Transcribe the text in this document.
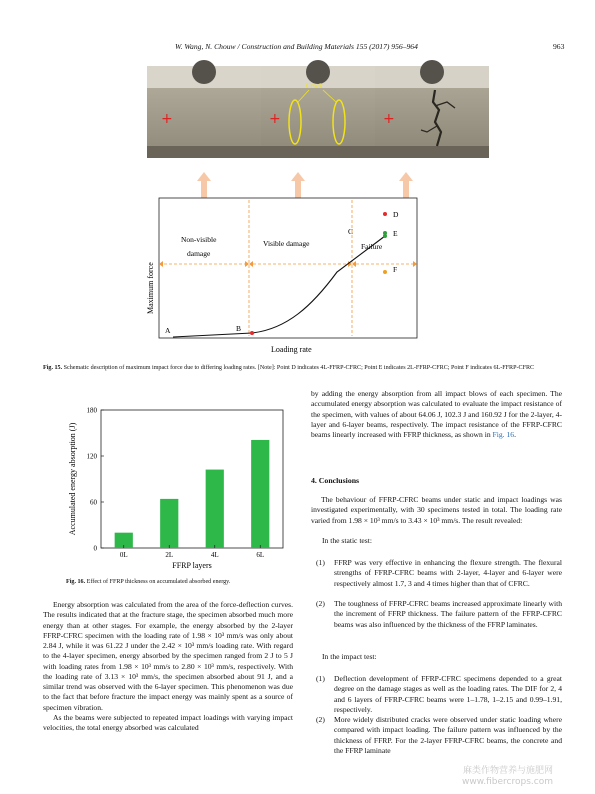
W. Wang, N. Chouw / Construction and Building Materials 155 (2017) 956–964	963
+	+
Crack
+
Non-visible
damage
Visible damage	Failure
A	B
C
D
E
F
Maximum force
Loading rate
Fig. 15. Schematic description of maximum impact force due to differing loading rates. [Note]: Point D indicates 4L-FFRP-CFRC; Point E indicates 2L-FFRP-CFRC; Point F indicates 6L-FFRP-CFRC
0
60
120
180
0L	2L	4L	6L
FFRP layers
Accumulated energy absorption (J)
Fig. 16. Effect of FFRP thickness on accumulated absorbed energy.

Energy absorption was calculated from the area of the force-deflection curves. The results indicated that at the fracture stage, the specimen absorbed much more energy than at other stages. For example, the energy absorbed by the 2-layer FFRP-CFRC specimen with the loading rate of 1.98 × 10³ mm/s was only about 2.84 J, while it was 61.22 J under the 2.42 × 10³ mm/s loading rate. With regard to the 4-layer specimen, energy absorbed by the specimen ranged from 2 J to 5 J with loading rates from 1.98 × 10³ mm/s to 2.80 × 10³ mm/s, respectively. With the loading rate of 3.13 × 10³ mm/s, the specimen absorbed about 91 J, and a similar trend was observed with the 6-layer specimen. This phenomenon was due to the fact that before fracture the impact energy was mainly spent as a source of specimen vibration.

As the beams were subjected to repeated impact loadings with varying impact velocities, the total energy absorbed was calculated

by adding the energy absorption from all impact blows of each specimen. The accumulated energy absorption was calculated to evaluate the impact resistance of the specimen, with values of about 64.06 J, 102.3 J and 160.92 J for the 2-layer, 4-layer and 6-layer beams, respectively. The impact resistance of the FFRP-CFRC beams linearly increased with FFRP thickness, as shown in Fig. 16.

4. Conclusions

The behaviour of FFRP-CFRC beams under static and impact loadings was investigated experimentally, with 30 specimens tested in total. The loading rate varied from 1.98 × 10³ mm/s to 3.43 × 10³ mm/s. The result revealed:

In the static test:
(1) FFRP was very effective in enhancing the flexure strength. The flexural strengths of FFRP-CFRC beams with 2-layer, 4-layer and 6-layer were respectively almost 1.7, 3 and 4 times higher than that of CFRC.
(2) The toughness of FFRP-CFRC beams increased approximate linearly with the increment of FFRP thickness. The failure pattern of the FFRP-CFRC beams was also influenced by the thickness of the FFRP laminates.
In the impact test:
(1) Deflection development of FFRP-CFRC specimens depended to a great degree on the damage stages as well as the loading rates. The DIF for 2, 4 and 6 layers of FFRP-CFRC beams were 1–1.78, 1–2.15 and 0.99–1.91, respectively.
(2) More widely distributed cracks were observed under static loading where compared with impact loading. The failure pattern was influenced by the thickness of FFRP. For the 2-layer FFRP-CFRC beams, the concrete and the FFRP laminate
麻类作物营养与施肥网
www.fibercrops.com
